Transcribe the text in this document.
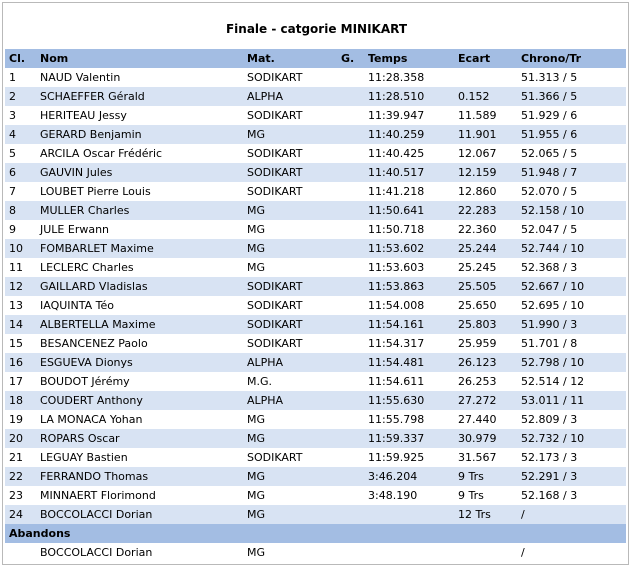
Finale - catgorie MINIKART
Cl.	Nom	Mat.	G.	Temps	Ecart	Chrono/Tr
1	NAUD Valentin	SODIKART		11:28.358		51.313 / 5
2	SCHAEFFER Gérald	ALPHA		11:28.510	0.152	51.366 / 5
3	HERITEAU Jessy	SODIKART		11:39.947	11.589	51.929 / 6
4	GERARD Benjamin	MG		11:40.259	11.901	51.955 / 6
5	ARCILA Oscar Frédéric	SODIKART		11:40.425	12.067	52.065 / 5
6	GAUVIN Jules	SODIKART		11:40.517	12.159	51.948 / 7
7	LOUBET Pierre Louis	SODIKART		11:41.218	12.860	52.070 / 5
8	MULLER Charles	MG		11:50.641	22.283	52.158 / 10
9	JULE Erwann	MG		11:50.718	22.360	52.047 / 5
10	FOMBARLET Maxime	MG		11:53.602	25.244	52.744 / 10
11	LECLERC Charles	MG		11:53.603	25.245	52.368 / 3
12	GAILLARD Vladislas	SODIKART		11:53.863	25.505	52.667 / 10
13	IAQUINTA Téo	SODIKART		11:54.008	25.650	52.695 / 10
14	ALBERTELLA Maxime	SODIKART		11:54.161	25.803	51.990 / 3
15	BESANCENEZ Paolo	SODIKART		11:54.317	25.959	51.701 / 8
16	ESGUEVA Dionys	ALPHA		11:54.481	26.123	52.798 / 10
17	BOUDOT Jérémy	M.G.		11:54.611	26.253	52.514 / 12
18	COUDERT Anthony	ALPHA		11:55.630	27.272	53.011 / 11
19	LA MONACA Yohan	MG		11:55.798	27.440	52.809 / 3
20	ROPARS Oscar	MG		11:59.337	30.979	52.732 / 10
21	LEGUAY Bastien	SODIKART		11:59.925	31.567	52.173 / 3
22	FERRANDO Thomas	MG		3:46.204	9 Trs	52.291 / 3
23	MINNAERT Florimond	MG		3:48.190	9 Trs	52.168 / 3
24	BOCCOLACCI Dorian	MG			12 Trs	/
Abandons						
	BOCCOLACCI Dorian	MG				/
